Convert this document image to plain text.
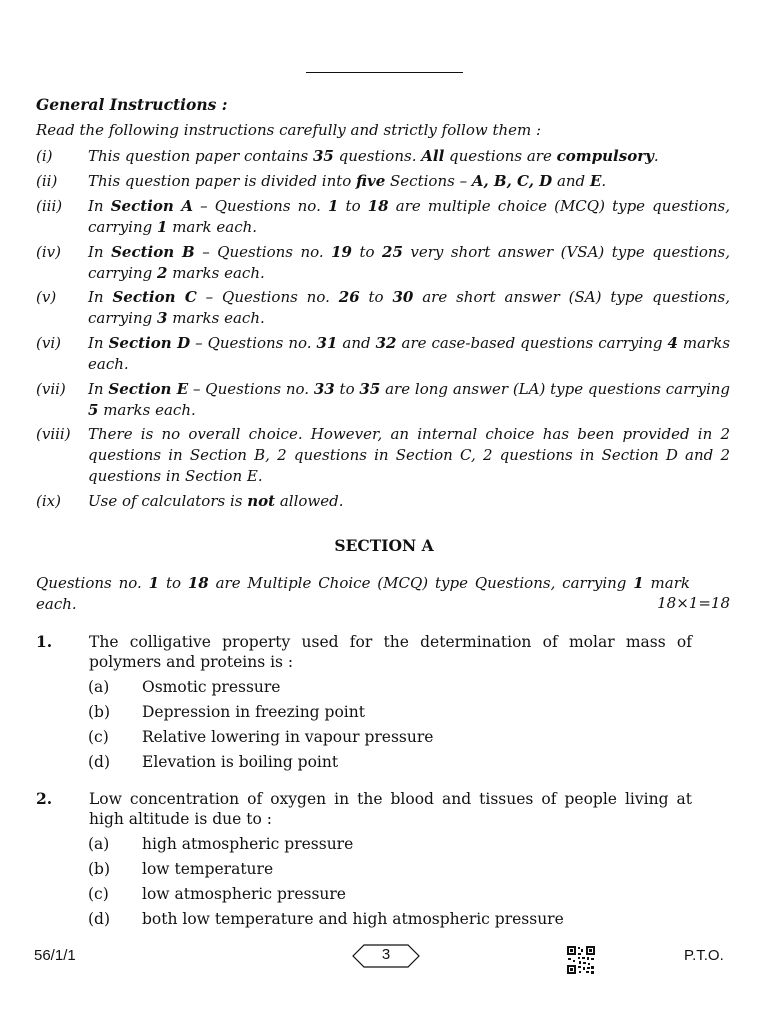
General Instructions :
Read the following instructions carefully and strictly follow them :
(i) This question paper contains 35 questions. All questions are compulsory.
(ii) This question paper is divided into five Sections – A, B, C, D and E.
(iii) In Section A – Questions no. 1 to 18 are multiple choice (MCQ) type questions, carrying 1 mark each.
(iv) In Section B – Questions no. 19 to 25 very short answer (VSA) type questions, carrying 2 marks each.
(v) In Section C – Questions no. 26 to 30 are short answer (SA) type questions, carrying 3 marks each.
(vi) In Section D – Questions no. 31 and 32 are case-based questions carrying 4 marks each.
(vii) In Section E – Questions no. 33 to 35 are long answer (LA) type questions carrying 5 marks each.
(viii) There is no overall choice. However, an internal choice has been provided in 2 questions in Section B, 2 questions in Section C, 2 questions in Section D and 2 questions in Section E.
(ix) Use of calculators is not allowed.
SECTION A
Questions no. 1 to 18 are Multiple Choice (MCQ) type Questions, carrying 1 mark each.	18×1=18
1. The colligative property used for the determination of molar mass of polymers and proteins is :
(a) Osmotic pressure
(b) Depression in freezing point
(c) Relative lowering in vapour pressure
(d) Elevation is boiling point
2. Low concentration of oxygen in the blood and tissues of people living at high altitude is due to :
(a) high atmospheric pressure
(b) low temperature
(c) low atmospheric pressure
(d) both low temperature and high atmospheric pressure
56/1/1	3	P.T.O.
